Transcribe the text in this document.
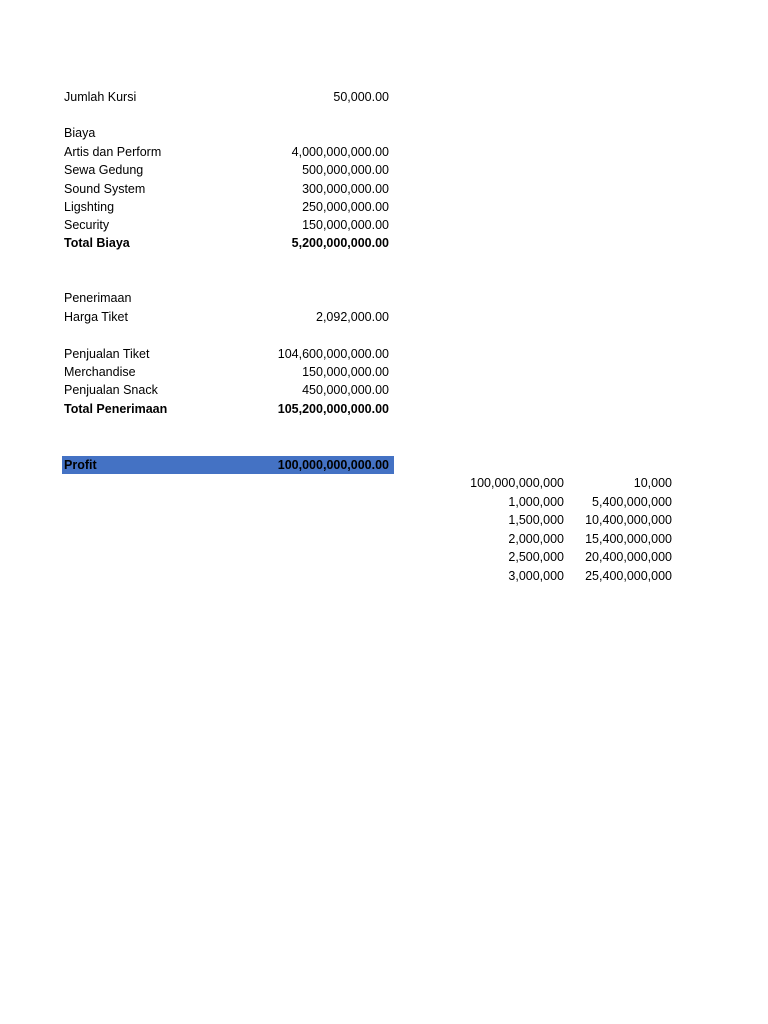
Jumlah Kursi	50,000.00
Biaya
Artis dan Perform	4,000,000,000.00
Sewa Gedung	500,000,000.00
Sound System	300,000,000.00
Ligshting	250,000,000.00
Security	150,000,000.00
Total Biaya	5,200,000,000.00
Penerimaan
Harga Tiket	2,092,000.00
Penjualan Tiket	104,600,000,000.00
Merchandise	150,000,000.00
Penjualan Snack	450,000,000.00
Total Penerimaan	105,200,000,000.00
Profit	100,000,000,000.00
100,000,000,000	10,000
1,000,000 5,400,000,000
1,500,000 10,400,000,000
2,000,000 15,400,000,000
2,500,000 20,400,000,000
3,000,000 25,400,000,000
